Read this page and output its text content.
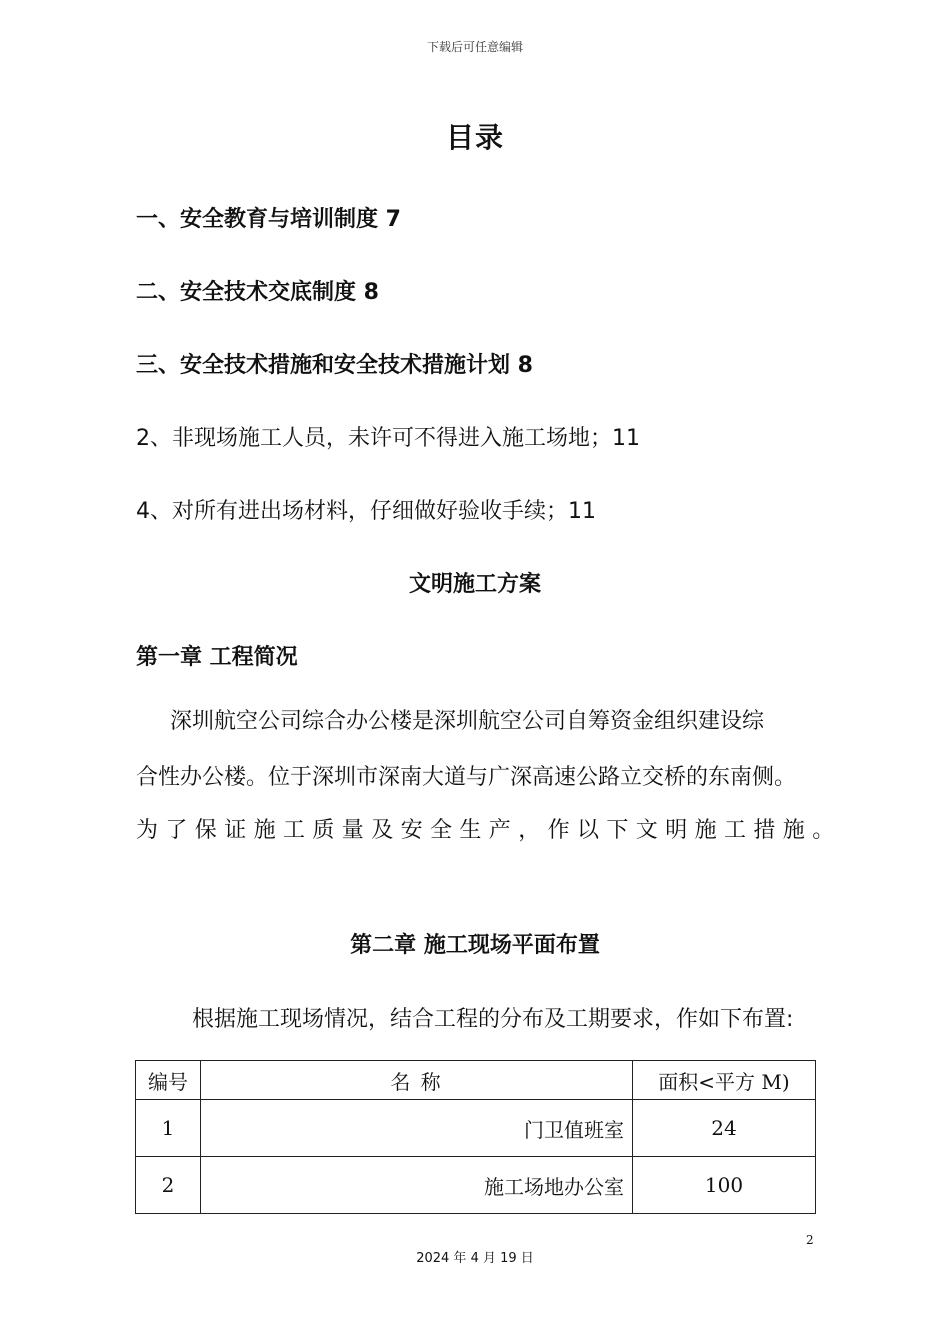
下载后可任意编辑
目录
一、安全教育与培训制度 7
二、安全技术交底制度 8
三、安全技术措施和安全技术措施计划 8
2、非现场施工人员，未许可不得进入施工场地；11
4、对所有进出场材料，仔细做好验收手续；11
文明施工方案
第一章 工程简况
深圳航空公司综合办公楼是深圳航空公司自筹资金组织建设综
合性办公楼。位于深圳市深南大道与广深高速公路立交桥的东南侧。
为了保证施工质量及安全生产，作以下文明施工措施。
第二章 施工现场平面布置
根据施工现场情况，结合工程的分布及工期要求，作如下布置:
编号	名 称	面积<平方 M)
1	门卫值班室	24
2	施工场地办公室	100
2
2024 年 4 月 19 日
